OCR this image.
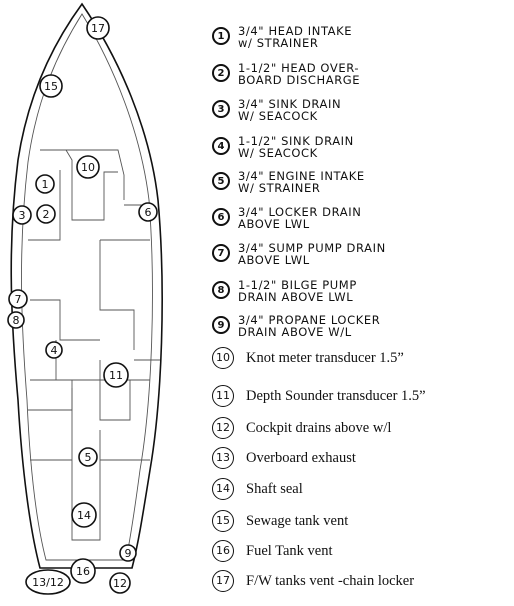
17
15
10
1
3 2	6
7
8
4
11
5
14
9
13/12
16
12
1	3/4" HEAD INTAKE
w/ STRAINER
2	1-1/2" HEAD OVER-
BOARD DISCHARGE
3	3/4" SINK DRAIN
W/ SEACOCK
4	1-1/2" SINK DRAIN
W/ SEACOCK
5	3/4" ENGINE INTAKE
W/ STRAINER
6	3/4" LOCKER DRAIN
ABOVE LWL
7	3/4" SUMP PUMP DRAIN
ABOVE LWL
8	1-1/2" BILGE PUMP
DRAIN ABOVE LWL
9	3/4" PROPANE LOCKER
DRAIN ABOVE W/L
10 Knot meter transducer 1.5”
11 Depth Sounder transducer 1.5”
12 Cockpit drains above w/l
13 Overboard exhaust
14 Shaft seal
15 Sewage tank vent
16 Fuel Tank vent
17 F/W tanks vent -chain locker
